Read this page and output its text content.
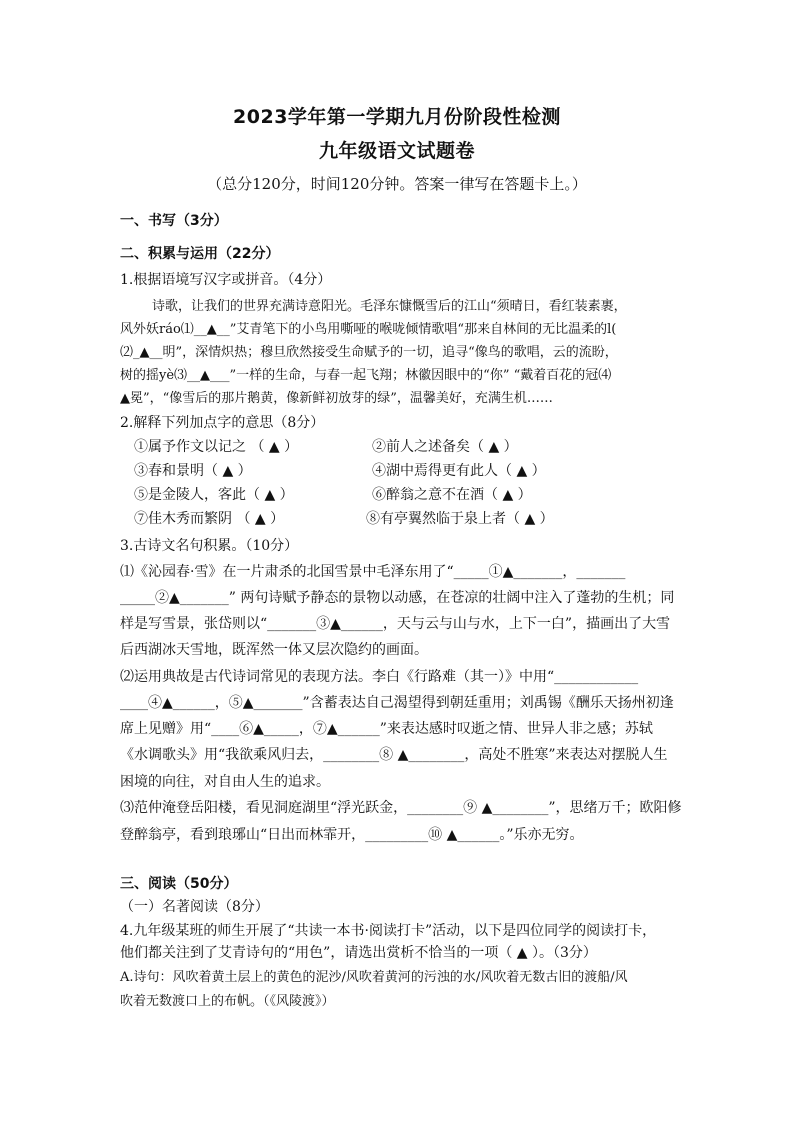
2023学年第一学期九月份阶段性检测
九年级语文试题卷
（总分120分，时间120分钟。答案一律写在答题卡上。）
一、书写（3分）
二、积累与运用（22分）
1.根据语境写汉字或拼音。（4分）
诗歌，让我们的世界充满诗意阳光。毛泽东慷慨雪后的江山“须晴日，看红装素裹，
风外妖ráo⑴__▲__”艾青笔下的小鸟用嘶哑的喉咙倾情歌唱“那来自林间的无比温柔的l(
⑵_▲__明”，深情炽热；穆旦欣然接受生命赋予的一切，追寻“像鸟的歌唱，云的流盼，
树的摇yè⑶__▲___”一样的生命，与春一起飞翔；林徽因眼中的“你” “戴着百花的冠⑷
▲冕”，“像雪后的那片鹅黄，像新鲜初放芽的绿”，温馨美好，充满生机……
2.解释下列加点字的意思（8分）
①属予作文以记之 （ ▲ ）	②前人之述备矣（ ▲ ）
③春和景明（ ▲ ）	④湖中焉得更有此人（ ▲ ）
⑤是金陵人，客此（ ▲ ）	⑥醉翁之意不在酒（ ▲ ）
⑦佳木秀而繁阴 （ ▲ ）	⑧有亭翼然临于泉上者（ ▲ ）
3.古诗文名句积累。（10分）
⑴《沁园春·雪》在一片肃杀的北国雪景中毛泽东用了“_____①▲_______，_______
_____②▲_______” 两句诗赋予静态的景物以动感，在苍凉的壮阔中注入了蓬勃的生机；同
样是写雪景，张岱则以“_______③▲______，天与云与山与水，上下一白”，描画出了大雪
后西湖冰天雪地，既浑然一体又层次隐约的画面。
⑵运用典故是古代诗词常见的表现方法。李白《行路难（其一）》中用“____________
____④▲______，⑤▲_______”含蓄表达自己渴望得到朝廷重用；刘禹锡《酬乐天扬州初逢
席上见赠》用“____⑥▲_____，⑦▲______”来表达感时叹逝之情、世异人非之感；苏轼
《水调歌头》用“我欲乘风归去，________⑧ ▲________，高处不胜寒”来表达对摆脱人生
困境的向往，对自由人生的追求。
⑶范仲淹登岳阳楼，看见洞庭湖里“浮光跃金，________⑨ ▲________”，思绪万千；欧阳修
登醉翁亭，看到琅琊山“日出而林霏开，_________⑩ ▲______。”乐亦无穷。
三、阅读（50分）
（一）名著阅读（8分）
4.九年级某班的师生开展了“共读一本书·阅读打卡”活动，以下是四位同学的阅读打卡，
他们都关注到了艾青诗句的“用色”，请选出赏析不恰当的一项（ ▲ ）。（3分）
A.诗句：风吹着黄土层上的黄色的泥沙/风吹着黄河的污浊的水/风吹着无数古旧的渡船/风
吹着无数渡口上的布帆。（《风陵渡》）
